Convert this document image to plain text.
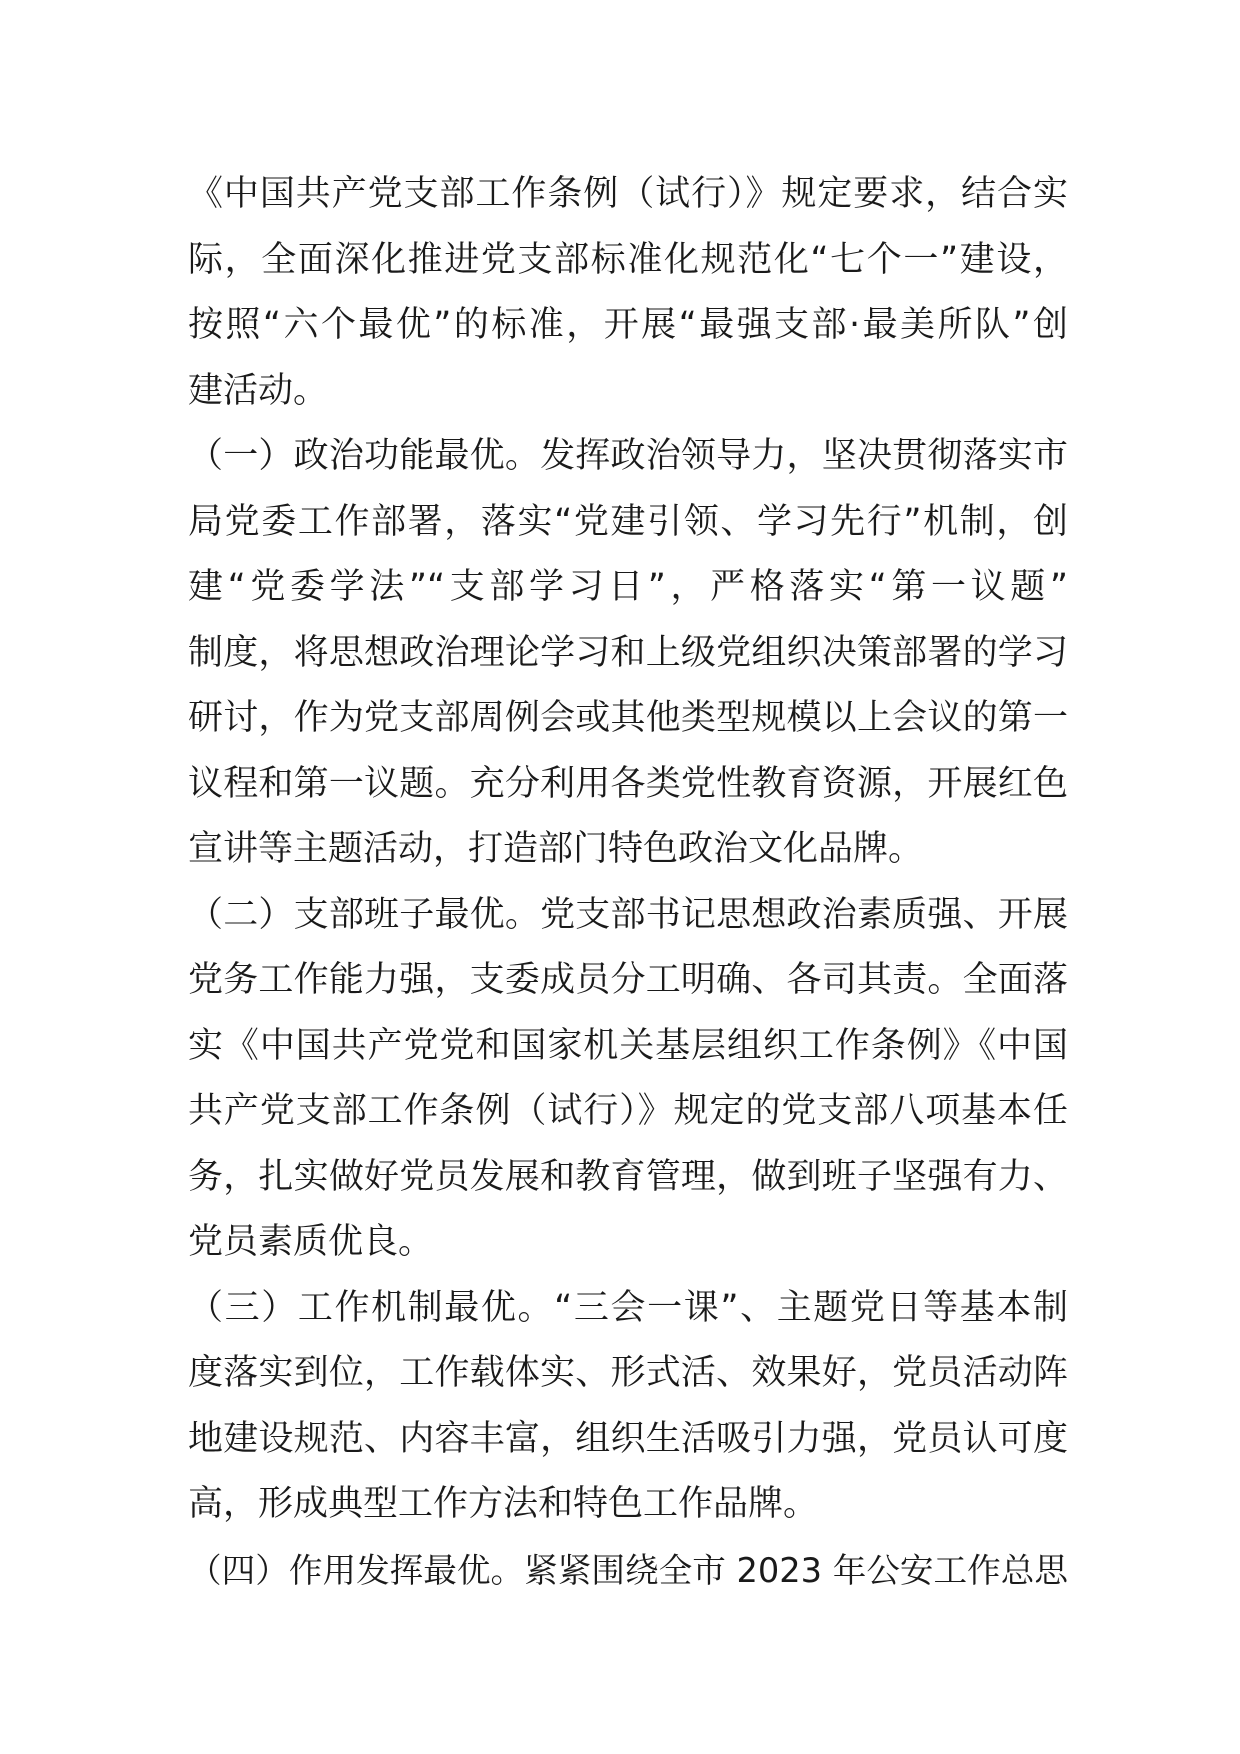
《中国共产党支部工作条例（试行）》规定要求，结合实
际，全面深化推进党支部标准化规范化“七个一”建设，
按照“六个最优”的标准，开展“最强支部·最美所队”创
建活动。
（一）政治功能最优。发挥政治领导力，坚决贯彻落实市
局党委工作部署，落实“党建引领、学习先行”机制，创
建“党委学法”“支部学习日”，严格落实“第一议题”
制度，将思想政治理论学习和上级党组织决策部署的学习
研讨，作为党支部周例会或其他类型规模以上会议的第一
议程和第一议题。充分利用各类党性教育资源，开展红色
宣讲等主题活动，打造部门特色政治文化品牌。
（二）支部班子最优。党支部书记思想政治素质强、开展
党务工作能力强，支委成员分工明确、各司其责。全面落
实《中国共产党党和国家机关基层组织工作条例》《中国
共产党支部工作条例（试行）》规定的党支部八项基本任
务，扎实做好党员发展和教育管理，做到班子坚强有力、
党员素质优良。
（三）工作机制最优。“三会一课”、主题党日等基本制
度落实到位，工作载体实、形式活、效果好，党员活动阵
地建设规范、内容丰富，组织生活吸引力强，党员认可度
高，形成典型工作方法和特色工作品牌。
（四）作用发挥最优。紧紧围绕全市 2023 年公安工作总思
